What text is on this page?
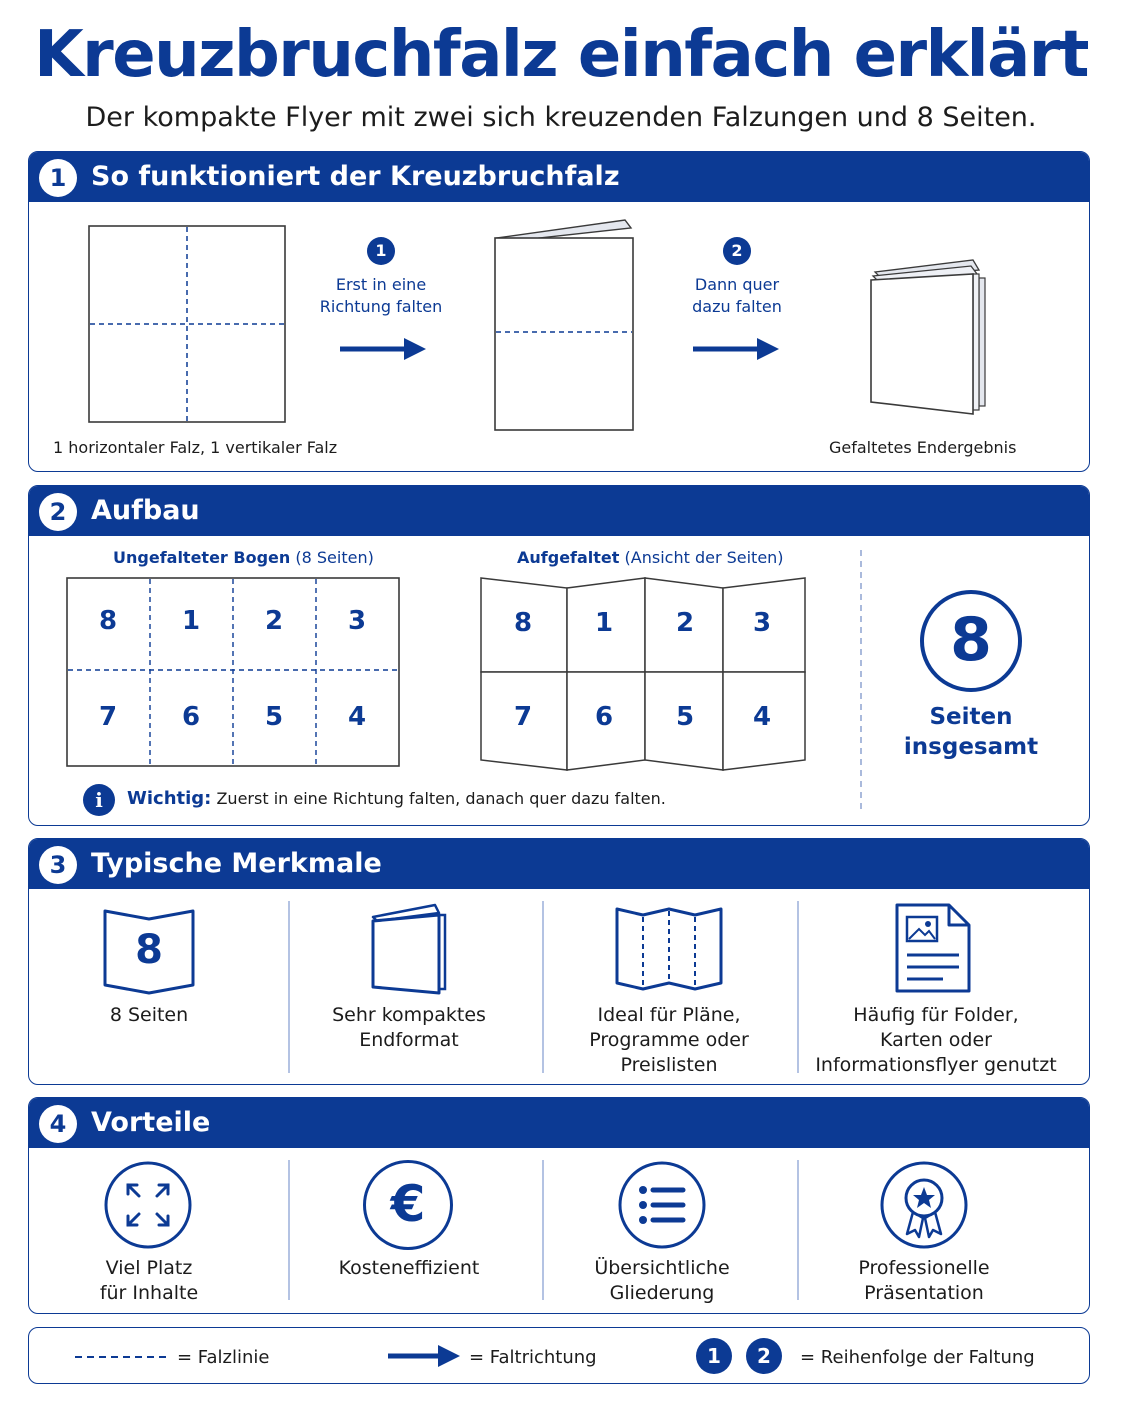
Kreuzbruchfalz einfach erklärt
Der kompakte Flyer mit zwei sich kreuzenden Falzungen und 8 Seiten.
1 So funktioniert der Kreuzbruchfalz
1
Erst in eine
Richtung falten
2
Dann quer
dazu falten
1 horizontaler Falz, 1 vertikaler Falz	Gefaltetes Endergebnis
2 Aufbau
Ungefalteter Bogen (8 Seiten)
8	1	2	3
7	6	5	4
Aufgefaltet (Ansicht der Seiten)
8	1	2	3
7	6	5	4
8
Seiten
insgesamt
i	Wichtig: Zuerst in eine Richtung falten, danach quer dazu falten.
3 Typische Merkmale
8
8 Seiten	Sehr kompaktes
Endformat
Ideal für Pläne,
Programme oder
Preislisten
Häufig für Folder,
Karten oder
Informationsflyer genutzt
4 Vorteile
Viel Platz
für Inhalte
€
Kosteneffizient	Übersichtliche
Gliederung
Professionelle
Präsentation
= Falzlinie	= Faltrichtung	1	2	= Reihenfolge der Faltung
